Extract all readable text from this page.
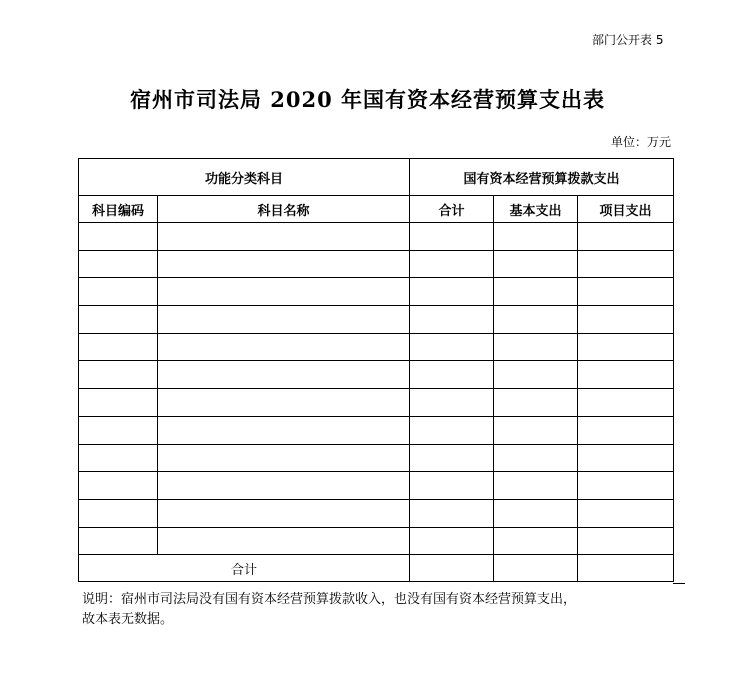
部门公开表 5
宿州市司法局 2020 年国有资本经营预算支出表
单位：万元
功能分类科目		国有资本经营预算拨款支出		
科目编码	科目名称	合计	基本支出	项目支出

合计				
说明：宿州市司法局没有国有资本经营预算拨款收入，也没有国有资本经营预算支出，
故本表无数据。
